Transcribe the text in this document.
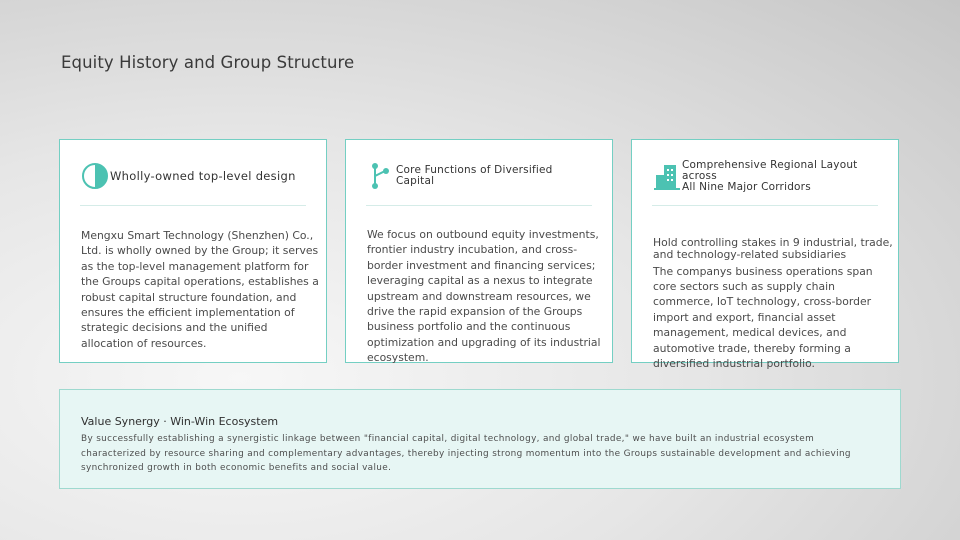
Equity History and Group Structure
Wholly-owned top-level design
Mengxu Smart Technology (Shenzhen) Co., Ltd. is wholly owned by the Group; it serves as the top-level management platform for the Groups capital operations, establishes a robust capital structure foundation, and ensures the efficient implementation of strategic decisions and the unified allocation of resources.
Core Functions of Diversified
Capital
We focus on outbound equity investments, frontier industry incubation, and cross-border investment and financing services; leveraging capital as a nexus to integrate upstream and downstream resources, we drive the rapid expansion of the Groups business portfolio and the continuous optimization and upgrading of its industrial ecosystem.
Comprehensive Regional Layout across
All Nine Major Corridors
Hold controlling stakes in 9 industrial, trade, and technology-related subsidiaries
The companys business operations span core sectors such as supply chain commerce, IoT technology, cross-border import and export, financial asset management, medical devices, and automotive trade, thereby forming a diversified industrial portfolio.
Value Synergy · Win-Win Ecosystem
By successfully establishing a synergistic linkage between "financial capital, digital technology, and global trade," we have built an industrial ecosystem characterized by resource sharing and complementary advantages, thereby injecting strong momentum into the Groups sustainable development and achieving synchronized growth in both economic benefits and social value.
